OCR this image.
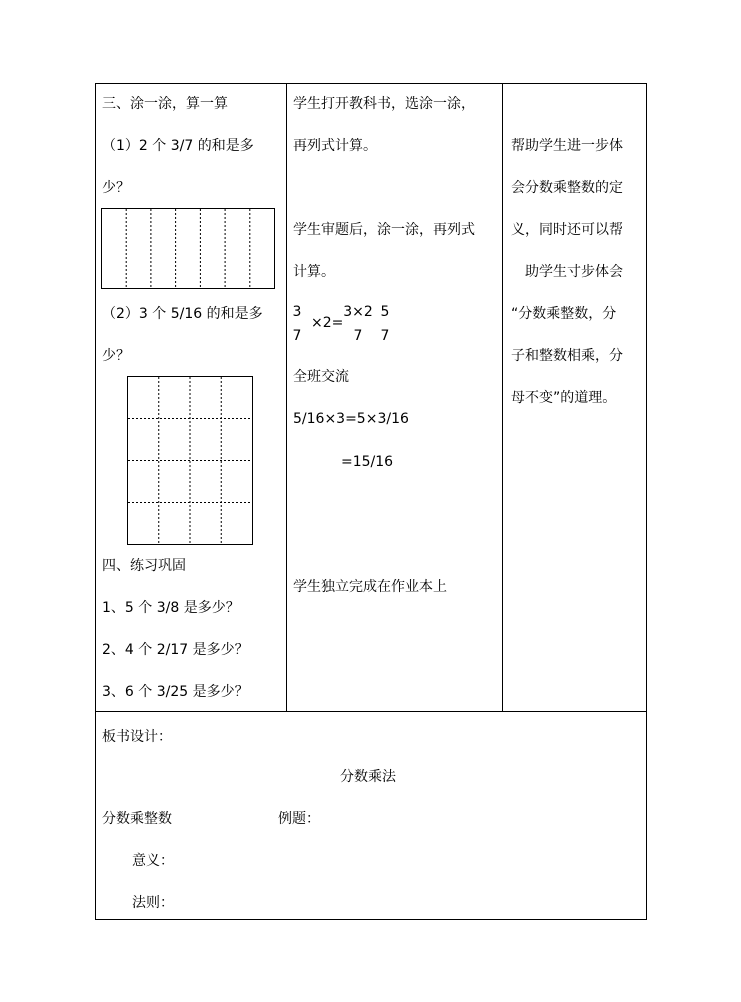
三、涂一涂，算一算
（1）2 个 3/7 的和是多
少？
（2）3 个 5/16 的和是多
少？
四、练习巩固
1、5 个 3/8 是多少？
2、4 个 2/17 是多少？
3、6 个 3/25 是多少？
学生打开教科书，选涂一涂，
再列式计算。
学生审题后，涂一涂，再列式
计算。
3
7
×2=
3×2
7
5
7
全班交流
5/16×3=5×3/16
=15/16
学生独立完成在作业本上
帮助学生进一步体
会分数乘整数的定
义，同时还可以帮
助学生寸步体会
“分数乘整数，分
子和整数相乘，分
母不变”的道理。
板书设计：
分数乘法
分数乘整数	例题：
意义：
法则：
